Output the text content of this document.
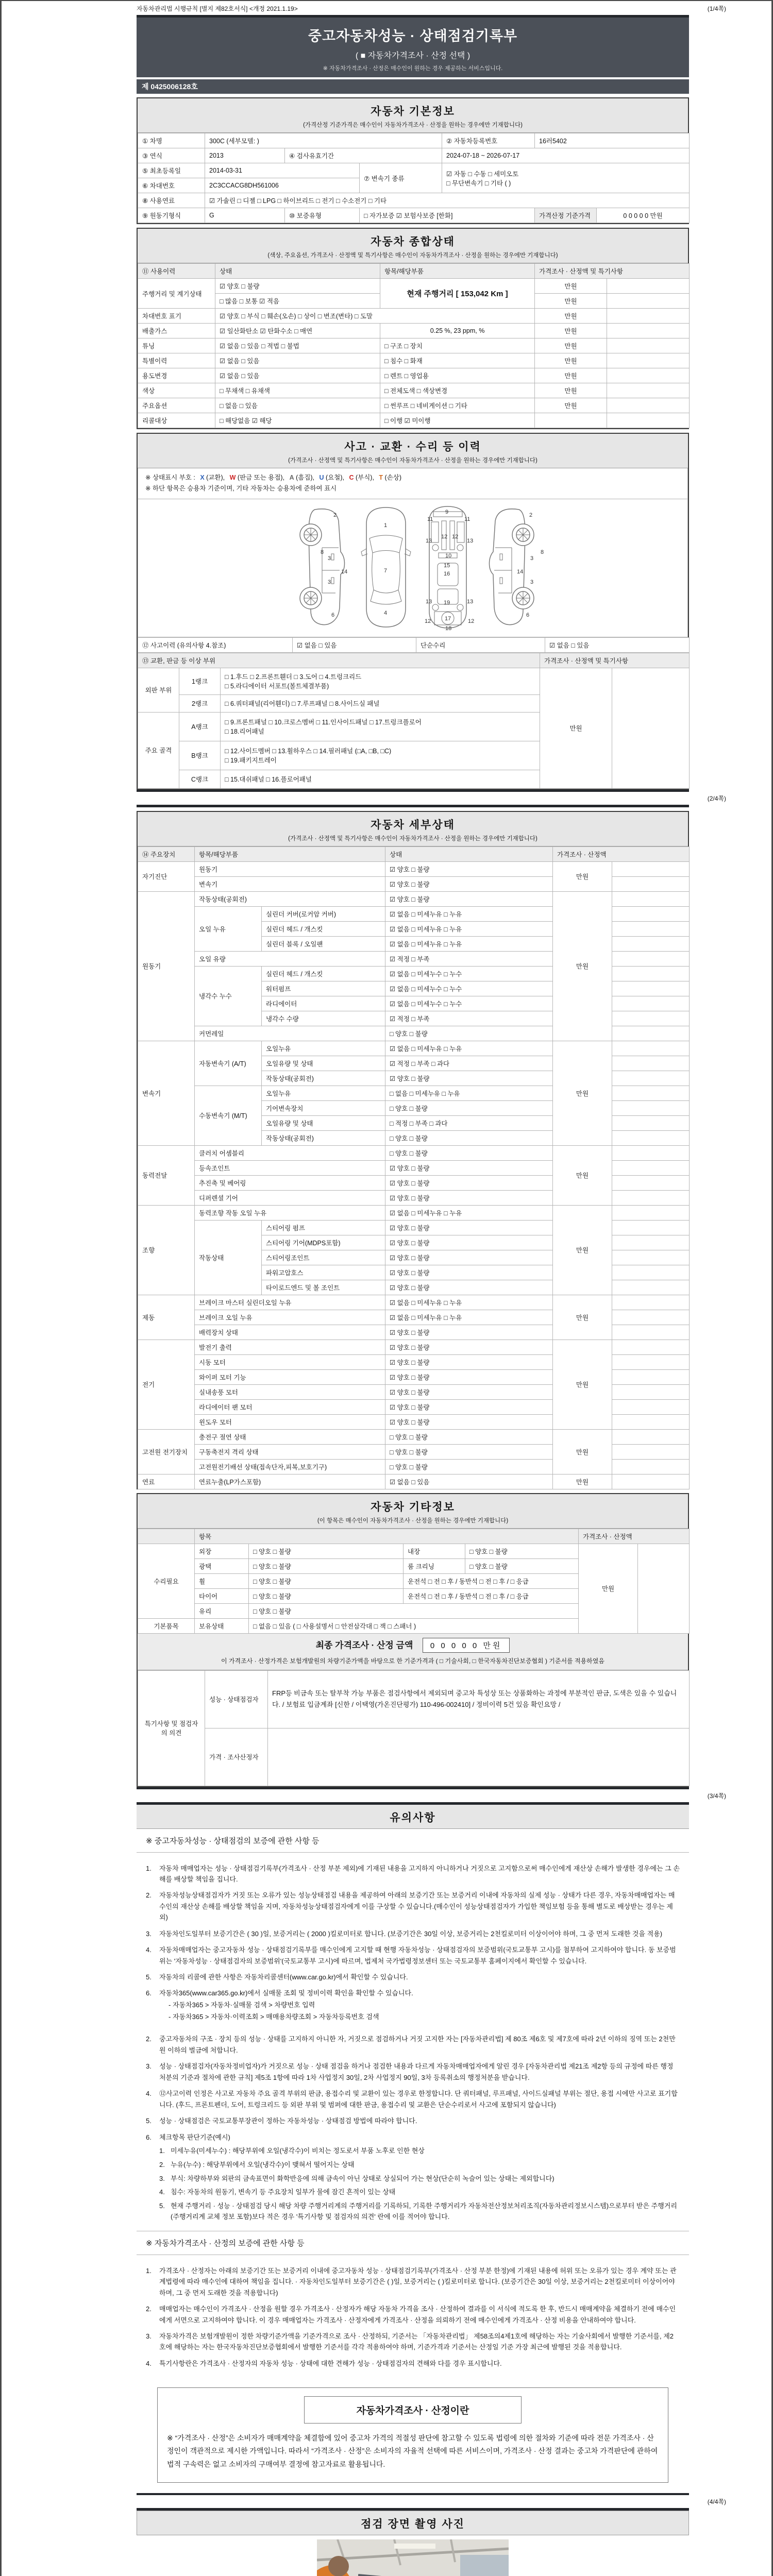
자동차관리법 시행규칙 [별지 제82호서식] <개정 2021.1.19>	(1/4쪽)
중고자동차성능 · 상태점검기록부
( ■ 자동차가격조사 · 산정 선택 )
※ 자동차가격조사 · 산정은 매수인이 원하는 경우 제공하는 서비스입니다.
제 0425006128호
자동차 기본정보

(가격산정 기준가격은 매수인이 자동차가격조사 · 산정을 원하는 경우에만 기재합니다)

① 차명	300C (세부모델: )			② 자동차등록번호	16러5402	
③ 연식	2013	④ 검사유효기간		2024-07-18 ~ 2026-07-17		
⑤ 최초등록일	2014-03-31		⑦ 변속기 종류	☑ 자동 □ 수동 □ 세미오토
□ 무단변속기 □ 기타 ( )		

⑥ 차대번호	2C3CCACG8DH561006					
⑧ 사용연료	☑ 가솔린 □ 디젤 □ LPG □ 하이브리드 □ 전기 □ 수소전기 □ 기타					
⑨ 원동기형식	G	⑩ 보증유형	□ 자가보증 ☑ 보험사보증 [한화]		가격산정 기준가격	0 0 0 0 0 만원
자동차 종합상태

(색상, 주요옵션, 가격조사 · 산정액 및 특기사항은 매수인이 자동차가격조사 · 산정을 원하는 경우에만 기재합니다)

⑪ 사용이력	상태	항목/해당부품	가격조사 · 산정액 및 특기사항	
주행거리 및 계기상태	☑ 양호 □ 불량	현재 주행거리 [ 153,042 Km ]	만원	
	□ 많음 □ 보통 ☑ 적음		만원	
차대번호 표기	☑ 양호 □ 부식 □ 훼손(오손) □ 상이 □ 변조(변타) □ 도말		만원	
배출가스	☑ 일산화탄소 ☑ 탄화수소 □ 매연	0.25 %, 23 ppm, %	만원	
튜닝	☑ 없음 □ 있음 □ 적법 □ 불법	□ 구조 □ 장치	만원	
특별이력	☑ 없음 □ 있음	□ 침수 □ 화재	만원	
용도변경	☑ 없음 □ 있음	□ 렌트 □ 영업용	만원	
색상	□ 무채색 □ 유채색	□ 전체도색 □ 색상변경	만원	
주요옵션	□ 없음 □ 있음	□ 썬루프 □ 네비게이션 □ 기타	만원	
리콜대상	□ 해당없음 ☑ 해당	□ 이행 ☑ 미이행		
사고 · 교환 · 수리 등 이력

(가격조사 · 산정액 및 특기사항은 매수인이 자동차가격조사 · 산정을 원하는 경우에만 기재합니다)

※ 상태표시 부호 : X (교환), W (판금 또는 용접), A (흠집), U (요철), C (부식), T (손상)
※ 하단 항목은 승용차 기준이며, 기타 자동차는 승용차에 준하여 표시
2
8
3
14
3
6
1
7
4
11	11
9
13	13
12 12
10
15
16
13	13
19
17
12	12
18
2
8
3
14
3
6
⑫ 사고이력 (유의사항 4.참조)	☑ 없음 □ 있음	단순수리	☑ 없음 □ 있음
⑬ 교환, 판금 등 이상 부위			가격조사 · 산정액 및 특기사항	
외판 부위	1랭크	□ 1.후드 □ 2.프론트휀더 □ 3.도어 □ 4.트렁크리드
□ 5.라디에이터 서포트(볼트체결부품)	만원	
	2랭크	□ 6.쿼터패널(리어휀더) □ 7.루프패널 □ 8.사이드실 패널		
주요 골격	A랭크	□ 9.프론트패널 □ 10.크로스멤버 □ 11.인사이드패널 □ 17.트렁크플로어
□ 18.리어패널		

	B랭크	□ 12.사이드멤버 □ 13.휠하우스 □ 14.필러패널 (□A, □B, □C)
□ 19.패키지트레이		

	C랭크	□ 15.대쉬패널 □ 16.플로어패널		
(2/4쪽)
자동차 세부상태

(가격조사 · 산정액 및 특기사항은 매수인이 자동차가격조사 · 산정을 원하는 경우에만 기재합니다)

⑭ 주요장치	항목/해당부품		상태	가격조사 · 산정액	
자기진단	원동기		☑ 양호 □ 불량	만원	
	변속기		☑ 양호 □ 불량		
원동기	작동상태(공회전)		☑ 양호 □ 불량	만원	
	오일 누유	실린더 커버(로커암 커버)	☑ 없음 □ 미세누유 □ 누유		
		실린더 헤드 / 개스킷	☑ 없음 □ 미세누유 □ 누유		
		실린더 블록 / 오일팬	☑ 없음 □ 미세누유 □ 누유		
	오일 유량		☑ 적정 □ 부족		
	냉각수 누수	실린더 헤드 / 개스킷	☑ 없음 □ 미세누수 □ 누수		
		워터펌프	☑ 없음 □ 미세누수 □ 누수		
		라디에이터	☑ 없음 □ 미세누수 □ 누수		
		냉각수 수량	☑ 적정 □ 부족		
	커먼레일		□ 양호 □ 불량		
변속기	자동변속기 (A/T)	오일누유	☑ 없음 □ 미세누유 □ 누유	만원	
		오일유량 및 상태	☑ 적정 □ 부족 □ 과다		
		작동상태(공회전)	☑ 양호 □ 불량		
	수동변속기 (M/T)	오일누유	□ 없음 □ 미세누유 □ 누유		
		기어변속장치	□ 양호 □ 불량		
		오일유량 및 상태	□ 적정 □ 부족 □ 과다		
		작동상태(공회전)	□ 양호 □ 불량		
동력전달	클러치 어셈블리		□ 양호 □ 불량	만원	
	등속조인트		☑ 양호 □ 불량		
	추진축 및 베어링		☑ 양호 □ 불량		
	디퍼렌셜 기어		☑ 양호 □ 불량		
조향	동력조향 작동 오일 누유		☑ 없음 □ 미세누유 □ 누유	만원	
	작동상태	스티어링 펌프	☑ 양호 □ 불량		
		스티어링 기어(MDPS포함)	☑ 양호 □ 불량		
		스티어링조인트	☑ 양호 □ 불량		
		파워고압호스	☑ 양호 □ 불량		
		타이로드엔드 및 볼 조인트	☑ 양호 □ 불량		
제동	브레이크 마스터 실린더오일 누유		☑ 없음 □ 미세누유 □ 누유	만원	
	브레이크 오일 누유		☑ 없음 □ 미세누유 □ 누유		
	배력장치 상태		☑ 양호 □ 불량		
전기	발전기 출력		☑ 양호 □ 불량	만원	
	시동 모터		☑ 양호 □ 불량		
	와이퍼 모터 기능		☑ 양호 □ 불량		
	실내송풍 모터		☑ 양호 □ 불량		
	라디에이터 팬 모터		☑ 양호 □ 불량		
	윈도우 모터		☑ 양호 □ 불량		
고전원 전기장치	충전구 절연 상태		□ 양호 □ 불량	만원	
	구동축전지 격리 상태		□ 양호 □ 불량		
	고전원전기배선 상태(접속단자,피복,보호기구)		□ 양호 □ 불량		
연료	연료누출(LP가스포함)		☑ 없음 □ 있음	만원	
자동차 기타정보

(이 항목은 매수인이 자동차가격조사 · 산정을 원하는 경우에만 기재합니다)

	항목				가격조사 · 산정액	
수리필요	외장	□ 양호 □ 불량	내장	□ 양호 □ 불량	만원	
	광택	□ 양호 □ 불량	룸 크리닝	□ 양호 □ 불량		
	휠	□ 양호 □ 불량	운전석 □ 전 □ 후 / 동반석 □ 전 □ 후 / □ 응급			
	타이어	□ 양호 □ 불량	운전석 □ 전 □ 후 / 동반석 □ 전 □ 후 / □ 응급			
	유리	□ 양호 □ 불량				
기본품목	보유상태	□ 없음 □ 있음 ( □ 사용설명서 □ 안전삼각대 □ 잭 □ 스패너 )				
최종 가격조사 · 산정 금액 0 0 0 0 0 만원
이 가격조사 · 산정가격은 보험개발원의 차량기준가액을 바탕으로 한 기준가격과 ( □ 기술사회, □ 한국자동차진단보증협회 ) 기준서를 적용하였음
특기사항 및 점검자의 의견	성능 · 상태점검자	FRP등 비금속 또는 탈부착 가능 부품은 점검사항에서 제외되며 중고차 특성상 또는 상품화하는 과정에 부분적인 판금, 도색은 있을 수 있습니다. / 보험료 입금계좌 [신한 / 이택영(가온진단평가) 110-496-002410] / 정비이력 5건 있음 확인요망 /
	가격 · 조사산정자	
(3/4쪽)
유의사항
※ 중고자동차성능 · 상태점검의 보증에 관한 사항 등
1.	자동차 매매업자는 성능 · 상태점검기록부(가격조사 · 산정 부분 제외)에 기재된 내용을 고지하지 아니하거나 거짓으로 고지함으로써 매수인에게 재산상 손해가 발생한 경우에는 그 손해를 배상할 책임을 집니다.
2.	자동차성능상태점검자가 거짓 또는 오류가 있는 성능상태점검 내용을 제공하여 아래의 보증기간 또는 보증거리 이내에 자동차의 실제 성능 · 상태가 다른 경우, 자동차매매업자는 매수인의 재산상 손해를 배상할 책임을 지며, 자동차성능상태점검자에게 이를 구상할 수 있습니다.(매수인이 성능상태점검자가 가입한 책임보험 등을 통해 별도로 배상받는 경우는 제외)
3.	자동차인도일부터 보증기간은 ( 30 )일, 보증거리는 ( 2000 )킬로미터로 합니다. (보증기간은 30일 이상, 보증거리는 2천킬로미터 이상이어야 하며, 그 중 먼저 도래한 것을 적용)
4.	자동차매매업자는 중고자동차 성능 · 상태점검기록부를 매수인에게 고지할 때 현행 자동차성능 · 상태점검자의 보증범위(국토교통부 고시)를 첨부하여 고지하여야 합니다. 동 보증범위는 '자동차성능 · 상태점검자의 보증범위'(국토교통부 고시)에 따르며, 법제처 국가법령정보센터 또는 국토교통부 홈페이지에서 확인할 수 있습니다.
5.	자동차의 리콜에 관한 사항은 자동차리콜센터(www.car.go.kr)에서 확인할 수 있습니다.
6.	자동차365(www.car365.go.kr)에서 실매물 조회 및 정비이력 확인을 확인할 수 있습니다.
- 자동차365 > 자동차·실매물 검색 > 차량번호 입력
- 자동차365 > 자동차·이력조회 > 매매용차량조회 > 자동차등록번호 검색
2.	중고자동차의 구조 · 장치 등의 성능 · 상태를 고지하지 아니한 자, 거짓으로 점검하거나 거짓 고지한 자는 [자동차관리법] 제 80조 제6호 및 제7호에 따라 2년 이하의 징역 또는 2천만원 이하의 벌금에 처합니다.
3.	성능 · 상태점검자(자동차정비업자)가 거짓으로 성능 · 상태 점검을 하거나 점검한 내용과 다르게 자동차매매업자에게 알린 경우 [자동차관리법 제21조 제2항 등의 규정에 따른 행정처분의 기준과 절차에 관한 규칙] 제5조 1항에 따라 1차 사업정지 30일, 2차 사업정지 90일, 3차 등록취소의 행정처분을 받습니다.
4.	⑫사고이력 인정은 사고로 자동차 주요 골격 부위의 판금, 용접수리 및 교환이 있는 경우로 한정합니다. 단 쿼터패널, 루프패널, 사이드실패널 부위는 절단, 용접 시에만 사고로 표기합니다. (후드, 프론트펜더, 도어, 트렁크리드 등 외판 부위 및 범퍼에 대한 판금, 용접수리 및 교환은 단순수리로서 사고에 포함되지 않습니다)
5.	성능 · 상태점검은 국토교통부장관이 정하는 자동차성능 · 상태점검 방법에 따라야 합니다.
6.	체크항목 판단기준(예시)
1. 미세누유(미세누수) : 해당부위에 오일(냉각수)이 비치는 정도로서 부품 노후로 인한 현상
2. 누유(누수) : 해당부위에서 오일(냉각수)이 맺혀서 떨어지는 상태
3. 부식: 차량하부와 외판의 금속표면이 화학반응에 의해 금속이 아닌 상태로 상실되어 가는 현상(단순히 녹슬어 있는 상태는 제외합니다)
4. 침수: 자동차의 원동기, 변속기 등 주요장치 일부가 물에 잠긴 흔적이 있는 상태
5. 현재 주행거리 · 성능 · 상태점검 당시 해당 차량 주행거리계의 주행거리를 기록하되, 기록한 주행거리가 자동차전산정보처리조직(자동차관리정보시스템)으로부터 받은 주행거리(주행거리계 교체 정보 포함)보다 적은 경우 '특기사항 및 점검자의 의견' 란에 이를 적어야 합니다.
※ 자동차가격조사 · 산정의 보증에 관한 사항 등
1.	가격조사 · 산정자는 아래의 보증기간 또는 보증거리 이내에 중고자동차 성능 · 상태점검기록부(가격조사 · 산정 부분 한정)에 기재된 내용에 허위 또는 오류가 있는 경우 계약 또는 관계법령에 따라 매수인에 대하여 책임을 집니다. · 자동차인도일부터 보증기간은 ( )일, 보증거리는 ( )킬로미터로 합니다. (보증기간은 30일 이상, 보증거리는 2천킬로미터 이상이어야 하며, 그 중 먼저 도래한 것을 적용합니다)
2.	매매업자는 매수인이 가격조사 · 산정을 원할 경우 가격조사 · 산정자가 해당 자동차 가격을 조사 · 산정하여 결과를 이 서식에 적도록 한 후, 반드시 매매계약을 체결하기 전에 매수인에게 서면으로 고지하여야 합니다. 이 경우 매매업자는 가격조사 · 산정자에게 가격조사 · 산정을 의뢰하기 전에 매수인에게 가격조사 · 산정 비용을 안내하여야 합니다.
3.	자동차가격은 보험개발원이 정한 차량기준가액을 기준가격으로 조사 · 산정하되, 기준서는 「자동차관리법」 제58조의4제1호에 해당하는 자는 기술사회에서 발행한 기준서를, 제2호에 해당하는 자는 한국자동차진단보증협회에서 발행한 기준서를 각각 적용하여야 하며, 기준가격과 기준서는 산정일 기준 가장 최근에 발행된 것을 적용합니다.
4.	특기사항란은 가격조사 · 산정자의 자동차 성능 · 상태에 대한 견해가 성능 · 상태점검자의 견해와 다를 경우 표시합니다.
자동차가격조사 · 산정이란
※ “가격조사 · 산정”은 소비자가 매매계약을 체결함에 있어 중고차 가격의 적절성 판단에 참고할 수 있도록 법령에 의한 절차와 기준에 따라 전문 가격조사 · 산정인이 객관적으로 제시한 가액입니다. 따라서 “가격조사 · 산정”은 소비자의 자율적 선택에 따른 서비스이며, 가격조사 · 산정 결과는 중고차 가격판단에 관하여 법적 구속력은 없고 소비자의 구매여부 결정에 참고자료로 활용됩니다.
(4/4쪽)
점검 장면 촬영 사진
